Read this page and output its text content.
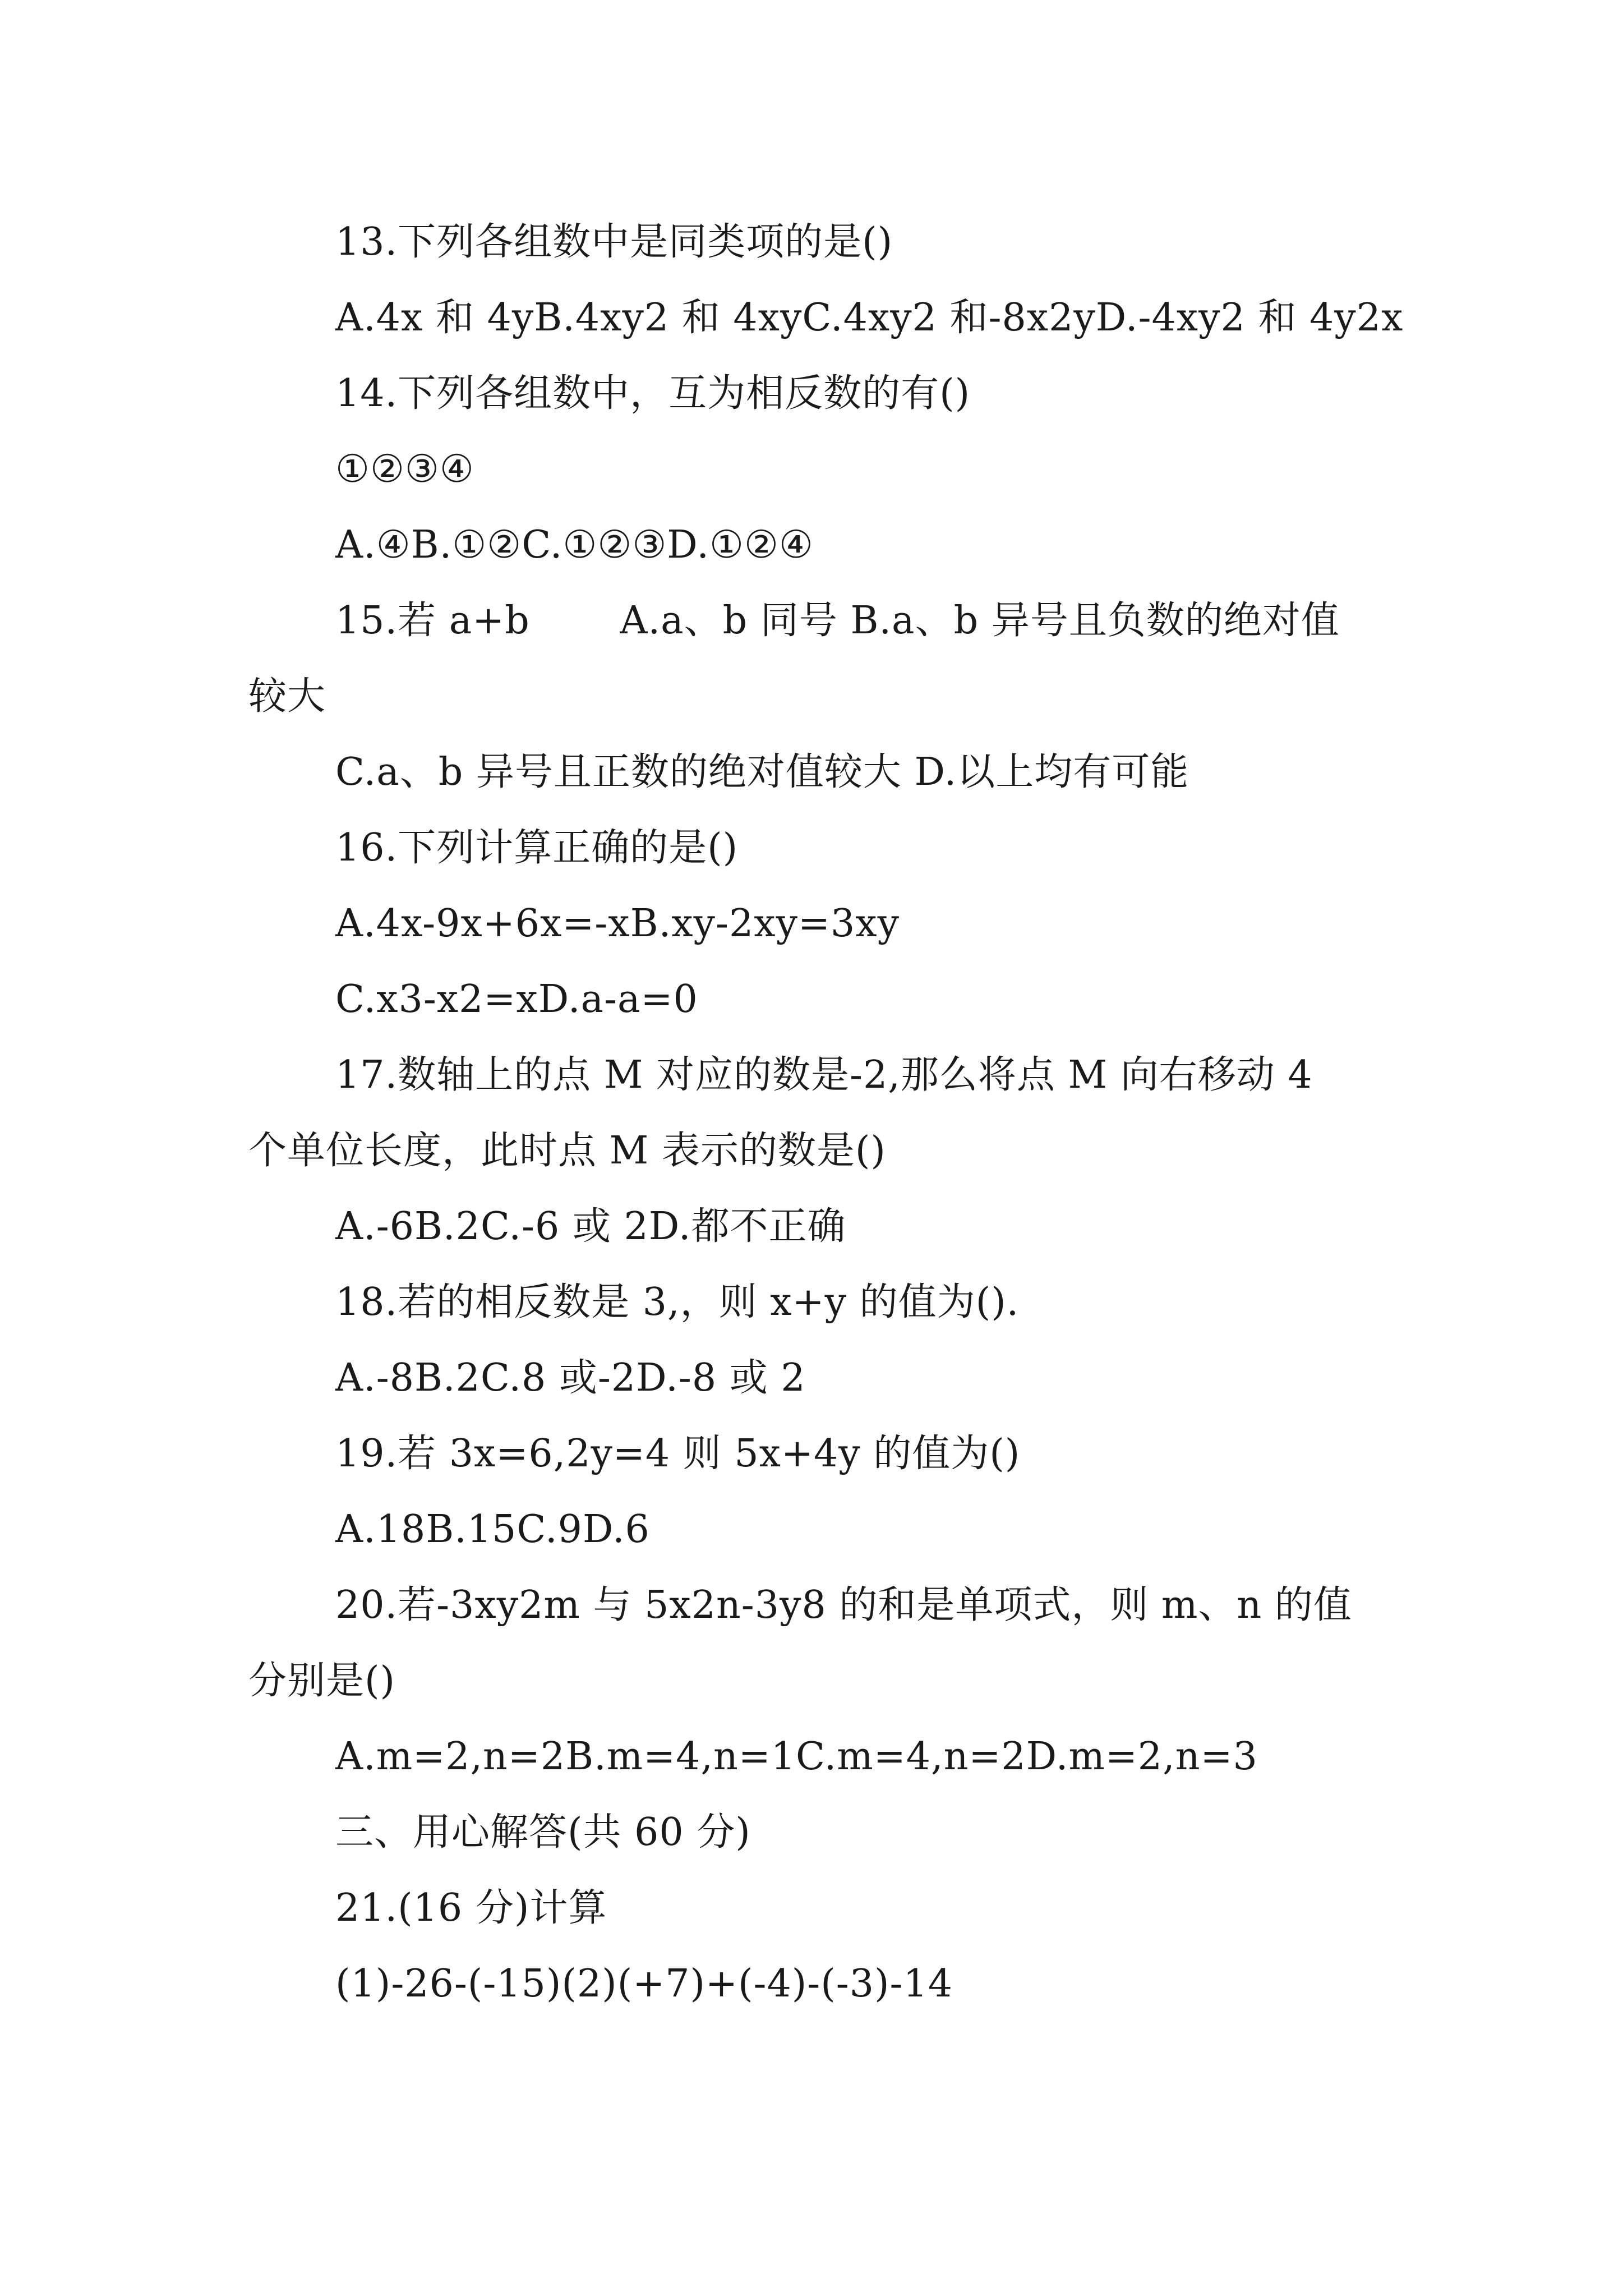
13.下列各组数中是同类项的是()
A.4x 和 4yB.4xy2 和 4xyC.4xy2 和-8x2yD.-4xy2 和 4y2x
14.下列各组数中，互为相反数的有()
①②③④
A.④B.①②C.①②③D.①②④
15.若 a+b　　 A.a、b 同号 B.a、b 异号且负数的绝对值
较大
C.a、b 异号且正数的绝对值较大 D.以上均有可能
16.下列计算正确的是()
A.4x-9x+6x=-xB.xy-2xy=3xy
C.x3-x2=xD.a-a=0
17.数轴上的点 M 对应的数是-2,那么将点 M 向右移动 4
个单位长度，此时点 M 表示的数是()
A.-6B.2C.-6 或 2D.都不正确
18.若的相反数是 3,，则 x+y 的值为().
A.-8B.2C.8 或-2D.-8 或 2
19.若 3x=6,2y=4 则 5x+4y 的值为()
A.18B.15C.9D.6
20.若-3xy2m 与 5x2n-3y8 的和是单项式，则 m、n 的值
分别是()
A.m=2,n=2B.m=4,n=1C.m=4,n=2D.m=2,n=3
三、用心解答(共 60 分)
21.(16 分)计算
(1)-26-(-15)(2)(+7)+(-4)-(-3)-14
